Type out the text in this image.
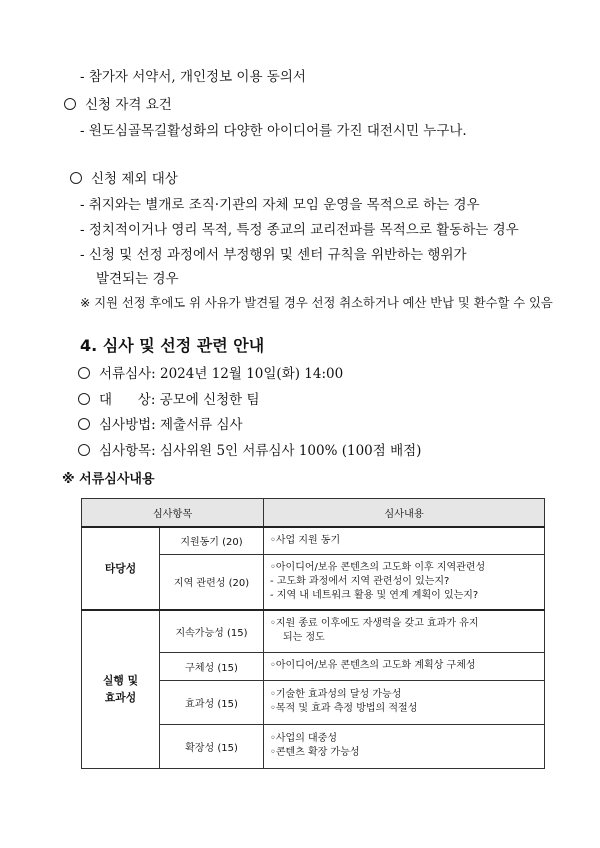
- 참가자 서약서, 개인정보 이용 동의서
신청 자격 요건
- 원도심골목길활성화의 다양한 아이디어를 가진 대전시민 누구나.
신청 제외 대상
- 취지와는 별개로 조직·기관의 자체 모임 운영을 목적으로 하는 경우
- 정치적이거나 영리 목적, 특정 종교의 교리전파를 목적으로 활동하는 경우
- 신청 및 선정 과정에서 부정행위 및 센터 규칙을 위반하는 행위가
발견되는 경우
※ 지원 선정 후에도 위 사유가 발견될 경우 선정 취소하거나 예산 반납 및 환수할 수 있음
4. 심사 및 선정 관련 안내
서류심사: 2024년 12월 10일(화) 14:00
대      상: 공모에 신청한 팀
심사방법: 제출서류 심사
심사항목: 심사위원 5인 서류심사 100% (100점 배점)
※ 서류심사내용
심사항목		심사내용
타당성	지원동기 (20)	◦사업 지원 동기

	지역 관련성 (20)	◦아이디어/보유 콘텐츠의 고도화 이후 지역관련성
- 고도화 과정에서 지역 관련성이 있는지?
- 지역 내 네트워크 활용 및 연계 계획이 있는지?

실행 및
효과성	지속가능성 (15)	◦지원 종료 이후에도 자생력을 갖고 효과가 유지
되는 정도

	구체성 (15)	◦아이디어/보유 콘텐츠의 고도화 계획상 구체성

	효과성 (15)	◦기술한 효과성의 달성 가능성
◦목적 및 효과 측정 방법의 적절성

	확장성 (15)	◦사업의 대중성
◦콘텐츠 확장 가능성
